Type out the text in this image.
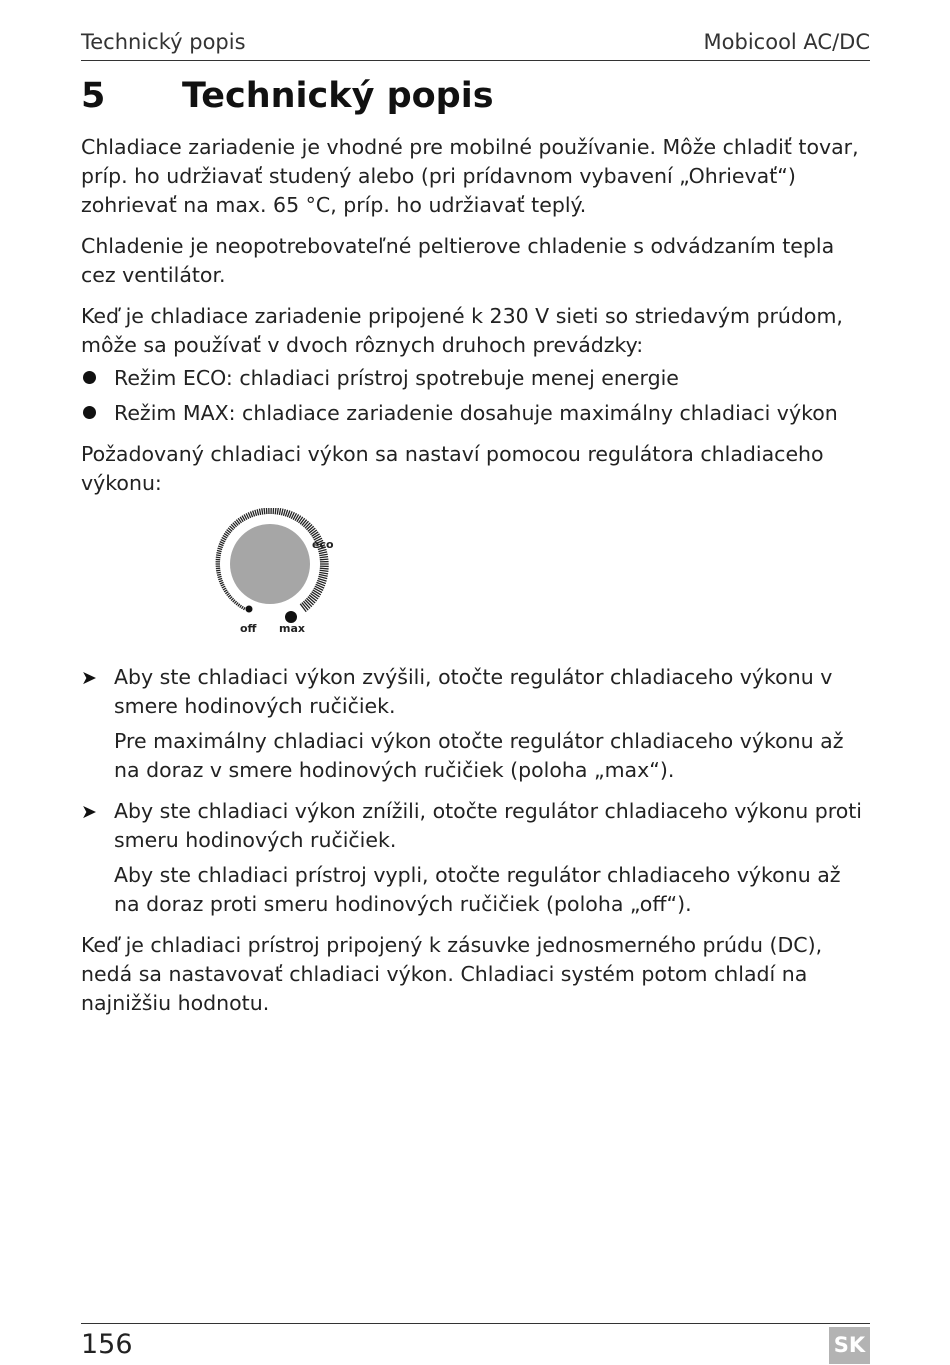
Technický popis	Mobicool AC/DC
5 Technický popis

Chladiace zariadenie je vhodné pre mobilné používanie. Môže chladiť tovar, príp. ho udržiavať studený alebo (pri prídavnom vybavení „Ohrievať“) zohrievať na max. 65 °C, príp. ho udržiavať teplý.

Chladenie je neopotrebovateľné peltierove chladenie s odvádzaním tepla cez ventilátor.

Keď je chladiace zariadenie pripojené k 230 V sieti so striedavým prúdom, môže sa používať v dvoch rôznych druhoch prevádzky:

Režim ECO: chladiaci prístroj spotrebuje menej energie
Režim MAX: chladiace zariadenie dosahuje maximálny chladiaci výkon

Požadovaný chladiaci výkon sa nastaví pomocou regulátora chladiaceho výkonu:

eco
off max
➤ Aby ste chladiaci výkon zvýšili, otočte regulátor chladiaceho výkonu v smere hodinových ručičiek.

Pre maximálny chladiaci výkon otočte regulátor chladiaceho výkonu až na doraz v smere hodinových ručičiek (poloha „max“).

➤ Aby ste chladiaci výkon znížili, otočte regulátor chladiaceho výkonu proti smeru hodinových ručičiek.

Aby ste chladiaci prístroj vypli, otočte regulátor chladiaceho výkonu až na doraz proti smeru hodinových ručičiek (poloha „off“).

Keď je chladiaci prístroj pripojený k zásuvke jednosmerného prúdu (DC), nedá sa nastavovať chladiaci výkon. Chladiaci systém potom chladí na najnižšiu hodnotu.

156	SK
